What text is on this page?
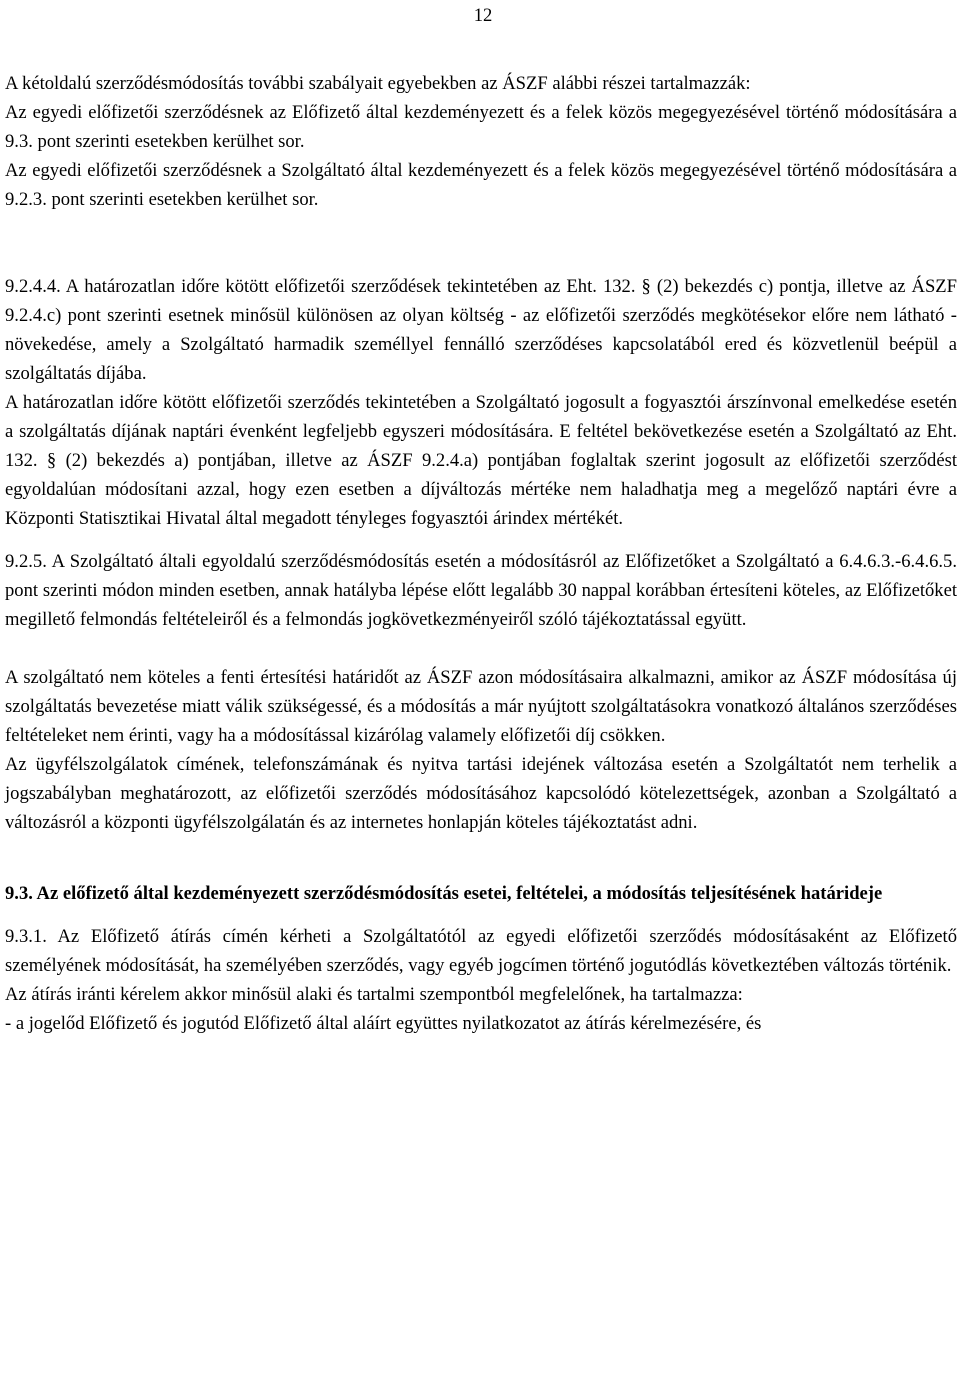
12

A kétoldalú szerződésmódosítás további szabályait egyebekben az ÁSZF alábbi részei tartalmazzák:

Az egyedi előfizetői szerződésnek az Előfizető által kezdeményezett és a felek közös megegyezésével történő módosítására a 9.3. pont szerinti esetekben kerülhet sor.

Az egyedi előfizetői szerződésnek a Szolgáltató által kezdeményezett és a felek közös megegyezésével történő módosítására a 9.2.3. pont szerinti esetekben kerülhet sor.

9.2.4.4. A határozatlan időre kötött előfizetői szerződések tekintetében az Eht. 132. § (2) bekezdés c) pontja, illetve az ÁSZF 9.2.4.c) pont szerinti esetnek minősül különösen az olyan költség - az előfizetői szerződés megkötésekor előre nem látható - növekedése, amely a Szolgáltató harmadik személlyel fennálló szerződéses kapcsolatából ered és közvetlenül beépül a szolgáltatás díjába.

A határozatlan időre kötött előfizetői szerződés tekintetében a Szolgáltató jogosult a fogyasztói árszínvonal emelkedése esetén a szolgáltatás díjának naptári évenként legfeljebb egyszeri módosítására. E feltétel bekövetkezése esetén a Szolgáltató az Eht. 132. § (2) bekezdés a) pontjában, illetve az ÁSZF 9.2.4.a) pontjában foglaltak szerint jogosult az előfizetői szerződést egyoldalúan módosítani azzal, hogy ezen esetben a díjváltozás mértéke nem haladhatja meg a megelőző naptári évre a Központi Statisztikai Hivatal által megadott tényleges fogyasztói árindex mértékét.

9.2.5. A Szolgáltató általi egyoldalú szerződésmódosítás esetén a módosításról az Előfizetőket a Szolgáltató a 6.4.6.3.-6.4.6.5. pont szerinti módon minden esetben, annak hatályba lépése előtt legalább 30 nappal korábban értesíteni köteles, az Előfizetőket megillető felmondás feltételeiről és a felmondás jogkövetkezményeiről szóló tájékoztatással együtt.

A szolgáltató nem köteles a fenti értesítési határidőt az ÁSZF azon módosításaira alkalmazni, amikor az ÁSZF módosítása új szolgáltatás bevezetése miatt válik szükségessé, és a módosítás a már nyújtott szolgáltatásokra vonatkozó általános szerződéses feltételeket nem érinti, vagy ha a módosítással kizárólag valamely előfizetői díj csökken.

Az ügyfélszolgálatok címének, telefonszámának és nyitva tartási idejének változása esetén a Szolgáltatót nem terhelik a jogszabályban meghatározott, az előfizetői szerződés módosításához kapcsolódó kötelezettségek, azonban a Szolgáltató a változásról a központi ügyfélszolgálatán és az internetes honlapján köteles tájékoztatást adni.

9.3. Az előfizető által kezdeményezett szerződésmódosítás esetei, feltételei, a módosítás teljesítésének határideje

9.3.1. Az Előfizető átírás címén kérheti a Szolgáltatótól az egyedi előfizetői szerződés módosításaként az Előfizető személyének módosítását, ha személyében szerződés, vagy egyéb jogcímen történő jogutódlás következtében változás történik.

Az átírás iránti kérelem akkor minősül alaki és tartalmi szempontból megfelelőnek, ha tartalmazza:

- a jogelőd Előfizető és jogutód Előfizető által aláírt együttes nyilatkozatot az átírás kérelmezésére, és
